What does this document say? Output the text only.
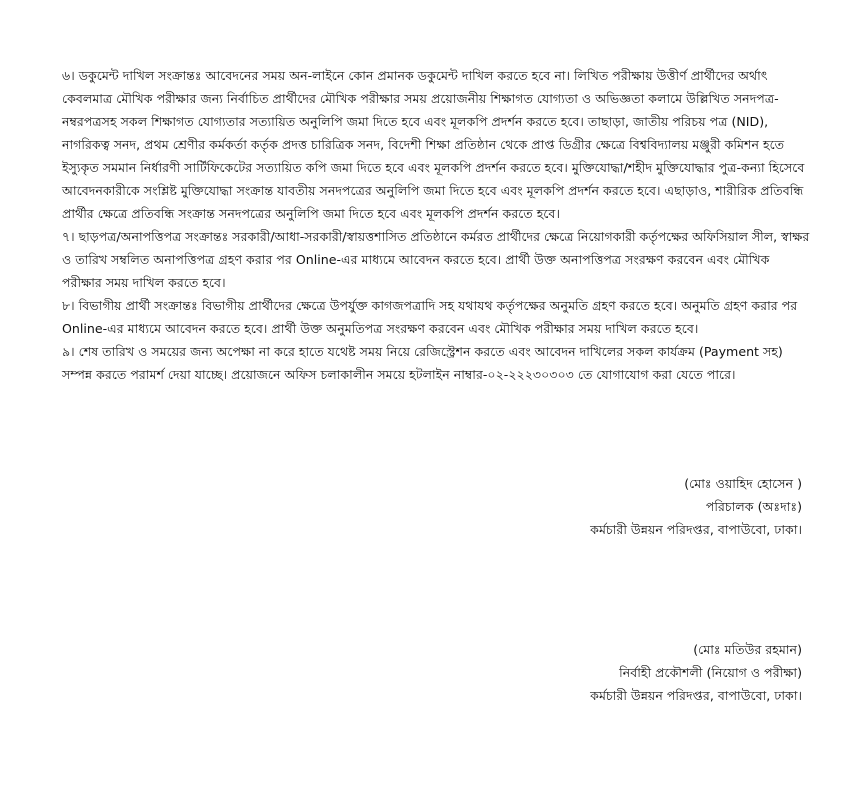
৬। ডকুমেন্ট দাখিল সংক্রান্তঃ আবেদনের সময় অন-লাইনে কোন প্রমানক ডকুমেন্ট দাখিল করতে হবে না। লিখিত পরীক্ষায় উত্তীর্ণ প্রার্থীদের অর্থাৎ
কেবলমাত্র মৌখিক পরীক্ষার জন্য নির্বাচিত প্রার্থীদের মৌখিক পরীক্ষার সময় প্রয়োজনীয় শিক্ষাগত যোগ্যতা ও অভিজ্ঞতা কলামে উল্লিখিত সনদপত্র-
নম্বরপত্রসহ সকল শিক্ষাগত যোগ্যতার সত্যায়িত অনুলিপি জমা দিতে হবে এবং মূলকপি প্রদর্শন করতে হবে। তাছাড়া, জাতীয় পরিচয় পত্র (NID),
নাগরিকত্ব সনদ, প্রথম শ্রেণীর কর্মকর্তা কর্তৃক প্রদত্ত চারিত্রিক সনদ, বিদেশী শিক্ষা প্রতিষ্ঠান থেকে প্রাপ্ত ডিগ্রীর ক্ষেত্রে বিশ্ববিদ্যালয় মঞ্জুরী কমিশন হতে
ইস্যুকৃত সমমান নির্ধারণী সার্টিফিকেটের সত্যায়িত কপি জমা দিতে হবে এবং মূলকপি প্রদর্শন করতে হবে। মুক্তিযোদ্ধা/শহীদ মুক্তিযোদ্ধার পুত্র-কন্যা হিসেবে
আবেদনকারীকে সংশ্লিষ্ট মুক্তিযোদ্ধা সংক্রান্ত যাবতীয় সনদপত্রের অনুলিপি জমা দিতে হবে এবং মূলকপি প্রদর্শন করতে হবে। এছাড়াও, শারীরিক প্রতিবন্ধি
প্রার্থীর ক্ষেত্রে প্রতিবন্ধি সংক্রান্ত সনদপত্রের অনুলিপি জমা দিতে হবে এবং মূলকপি প্রদর্শন করতে হবে।

৭। ছাড়পত্র/অনাপত্তিপত্র সংক্রান্তঃ সরকারী/আধা-সরকারী/স্বায়ত্তশাসিত প্রতিষ্ঠানে কর্মরত প্রার্থীদের ক্ষেত্রে নিয়োগকারী কর্তৃপক্ষের অফিসিয়াল সীল, স্বাক্ষর
ও তারিখ সম্বলিত অনাপত্তিপত্র গ্রহণ করার পর Online-এর মাধ্যমে আবেদন করতে হবে। প্রার্থী উক্ত অনাপত্তিপত্র সংরক্ষণ করবেন এবং মৌখিক
পরীক্ষার সময় দাখিল করতে হবে।

৮। বিভাগীয় প্রার্থী সংক্রান্তঃ বিভাগীয় প্রার্থীদের ক্ষেত্রে উপর্যুক্ত কাগজপত্রাদি সহ যথাযথ কর্তৃপক্ষের অনুমতি গ্রহণ করতে হবে। অনুমতি গ্রহণ করার পর
Online-এর মাধ্যমে আবেদন করতে হবে। প্রার্থী উক্ত অনুমতিপত্র সংরক্ষণ করবেন এবং মৌখিক পরীক্ষার সময় দাখিল করতে হবে।

৯। শেষ তারিখ ও সময়ের জন্য অপেক্ষা না করে হাতে যথেষ্ট সময় নিয়ে রেজিস্ট্রেশন করতে এবং আবেদন দাখিলের সকল কার্যক্রম (Payment সহ)
সম্পন্ন করতে পরামর্শ দেয়া যাচ্ছে। প্রয়োজনে অফিস চলাকালীন সময়ে হটলাইন নাম্বার-০২-২২২৩০৩০৩ তে যোগাযোগ করা যেতে পারে।

(মোঃ ওয়াহিদ হোসেন )
পরিচালক (অঃদাঃ)
কর্মচারী উন্নয়ন পরিদপ্তর, বাপাউবো, ঢাকা।
(মোঃ মতিউর রহমান)
নির্বাহী প্রকৌশলী (নিয়োগ ও পরীক্ষা)
কর্মচারী উন্নয়ন পরিদপ্তর, বাপাউবো, ঢাকা।
